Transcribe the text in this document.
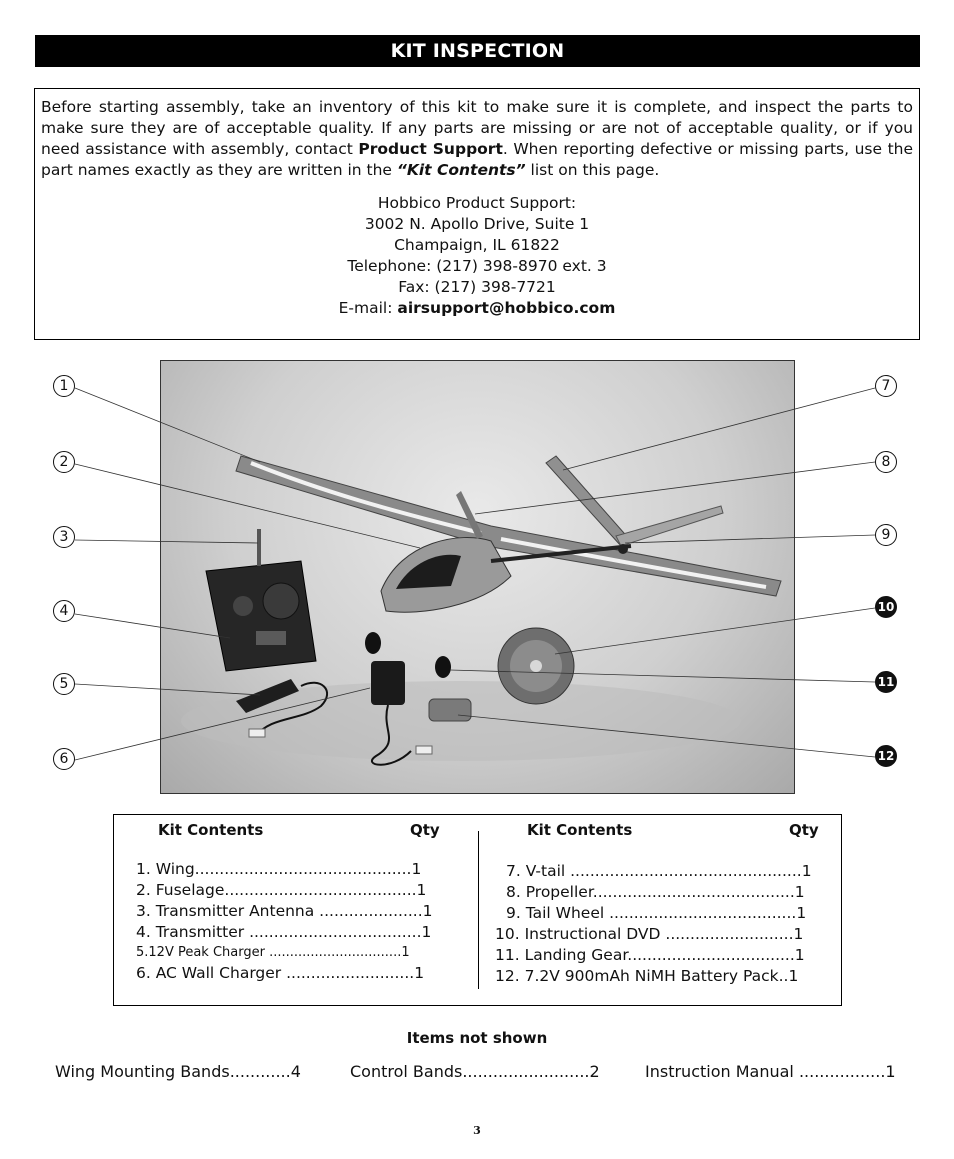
KIT INSPECTION

Before starting assembly, take an inventory of this kit to make sure it is complete, and inspect the parts to make sure they are of acceptable quality. If any parts are missing or are not of acceptable quality, or if you need assistance with assembly, contact Product Support. When reporting defective or missing parts, use the part names exactly as they are written in the “Kit Contents” list on this page.

Hobbico Product Support:
3002 N. Apollo Drive, Suite 1
Champaign, IL 61822
Telephone: (217) 398-8970 ext. 3
Fax: (217) 398-7721
E-mail: airsupport@hobbico.com
1
2
3
4
5
6
7
8
9
10
11
12
Kit Contents	Qty
1. Wing............................................1
2. Fuselage.......................................1
3. Transmitter Antenna .....................1
4. Transmitter ...................................1
5.12V Peak Charger ................................1
6. AC Wall Charger ..........................1
Kit Contents	Qty
7. V-tail ...............................................1
8. Propeller.........................................1
9. Tail Wheel ......................................1
10. Instructional DVD ..........................1
11. Landing Gear..................................1
12. 7.2V 900mAh NiMH Battery Pack..1
Items not shown
Wing Mounting Bands............4	Control Bands.........................2	Instruction Manual .................1
3
